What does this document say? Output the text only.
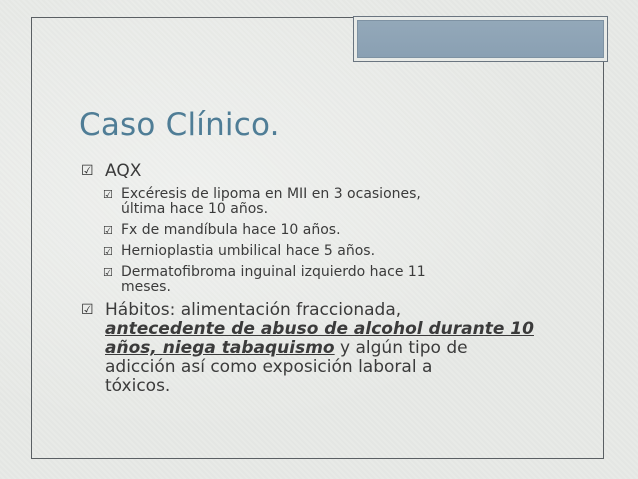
Caso Clínico.

☑ AQX

☑ Excéresis de lipoma en MII en 3 ocasiones,
última hace 10 años.

☑ Fx de mandíbula hace 10 años.

☑ Hernioplastia umbilical hace 5 años.

☑ Dermatofibroma inguinal izquierdo hace 11
meses.

☑ Hábitos: alimentación fraccionada,
antecedente de abuso de alcohol durante 10
años, niega tabaquismo y algún tipo de
adicción así como exposición laboral a
tóxicos.
